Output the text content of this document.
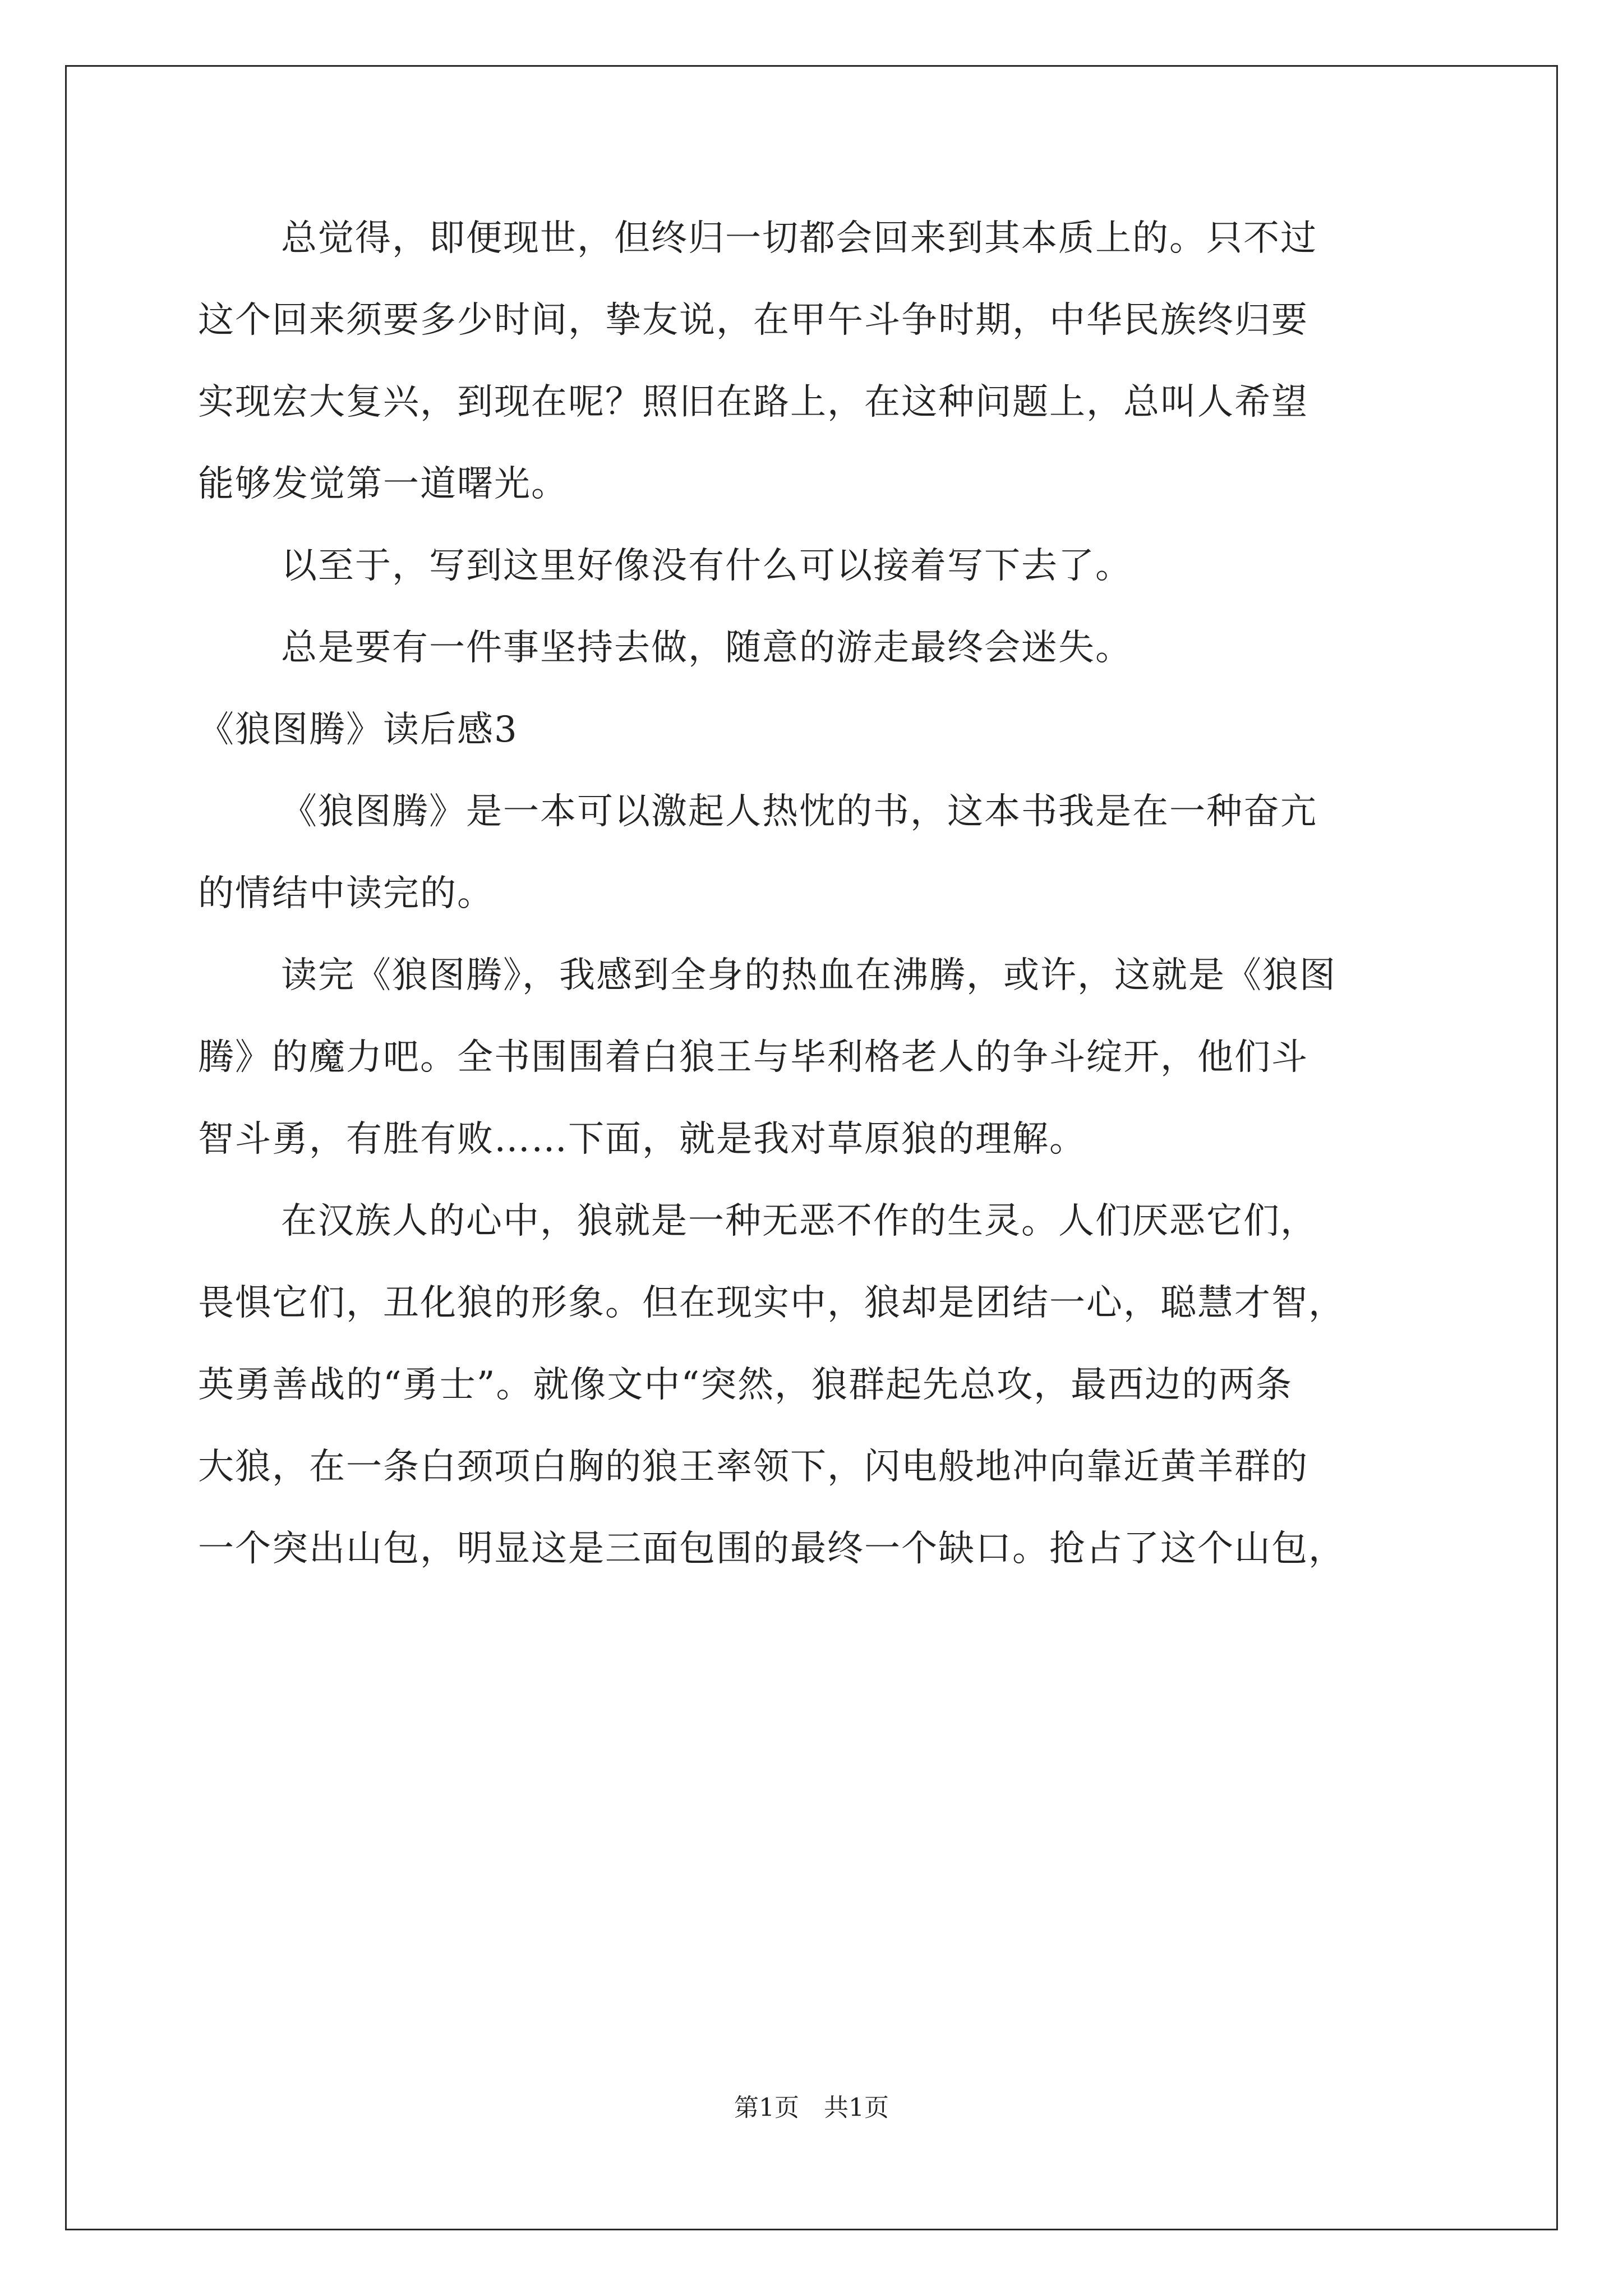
总觉得，即便现世，但终归一切都会回来到其本质上的。只不过
这个回来须要多少时间，挚友说，在甲午斗争时期，中华民族终归要
实现宏大复兴，到现在呢？照旧在路上，在这种问题上，总叫人希望
能够发觉第一道曙光。
以至于，写到这里好像没有什么可以接着写下去了。
总是要有一件事坚持去做，随意的游走最终会迷失。
《狼图腾》读后感3
《狼图腾》是一本可以激起人热忱的书，这本书我是在一种奋亢
的情结中读完的。
读完《狼图腾》，我感到全身的热血在沸腾，或许，这就是《狼图
腾》的魔力吧。全书围围着白狼王与毕利格老人的争斗绽开，他们斗
智斗勇，有胜有败……下面，就是我对草原狼的理解。
在汉族人的心中，狼就是一种无恶不作的生灵。人们厌恶它们，
畏惧它们，丑化狼的形象。但在现实中，狼却是团结一心，聪慧才智，
英勇善战的“勇士”。就像文中“突然，狼群起先总攻，最西边的两条
大狼，在一条白颈项白胸的狼王率领下，闪电般地冲向靠近黄羊群的
一个突出山包，明显这是三面包围的最终一个缺口。抢占了这个山包，
第1页　共1页
